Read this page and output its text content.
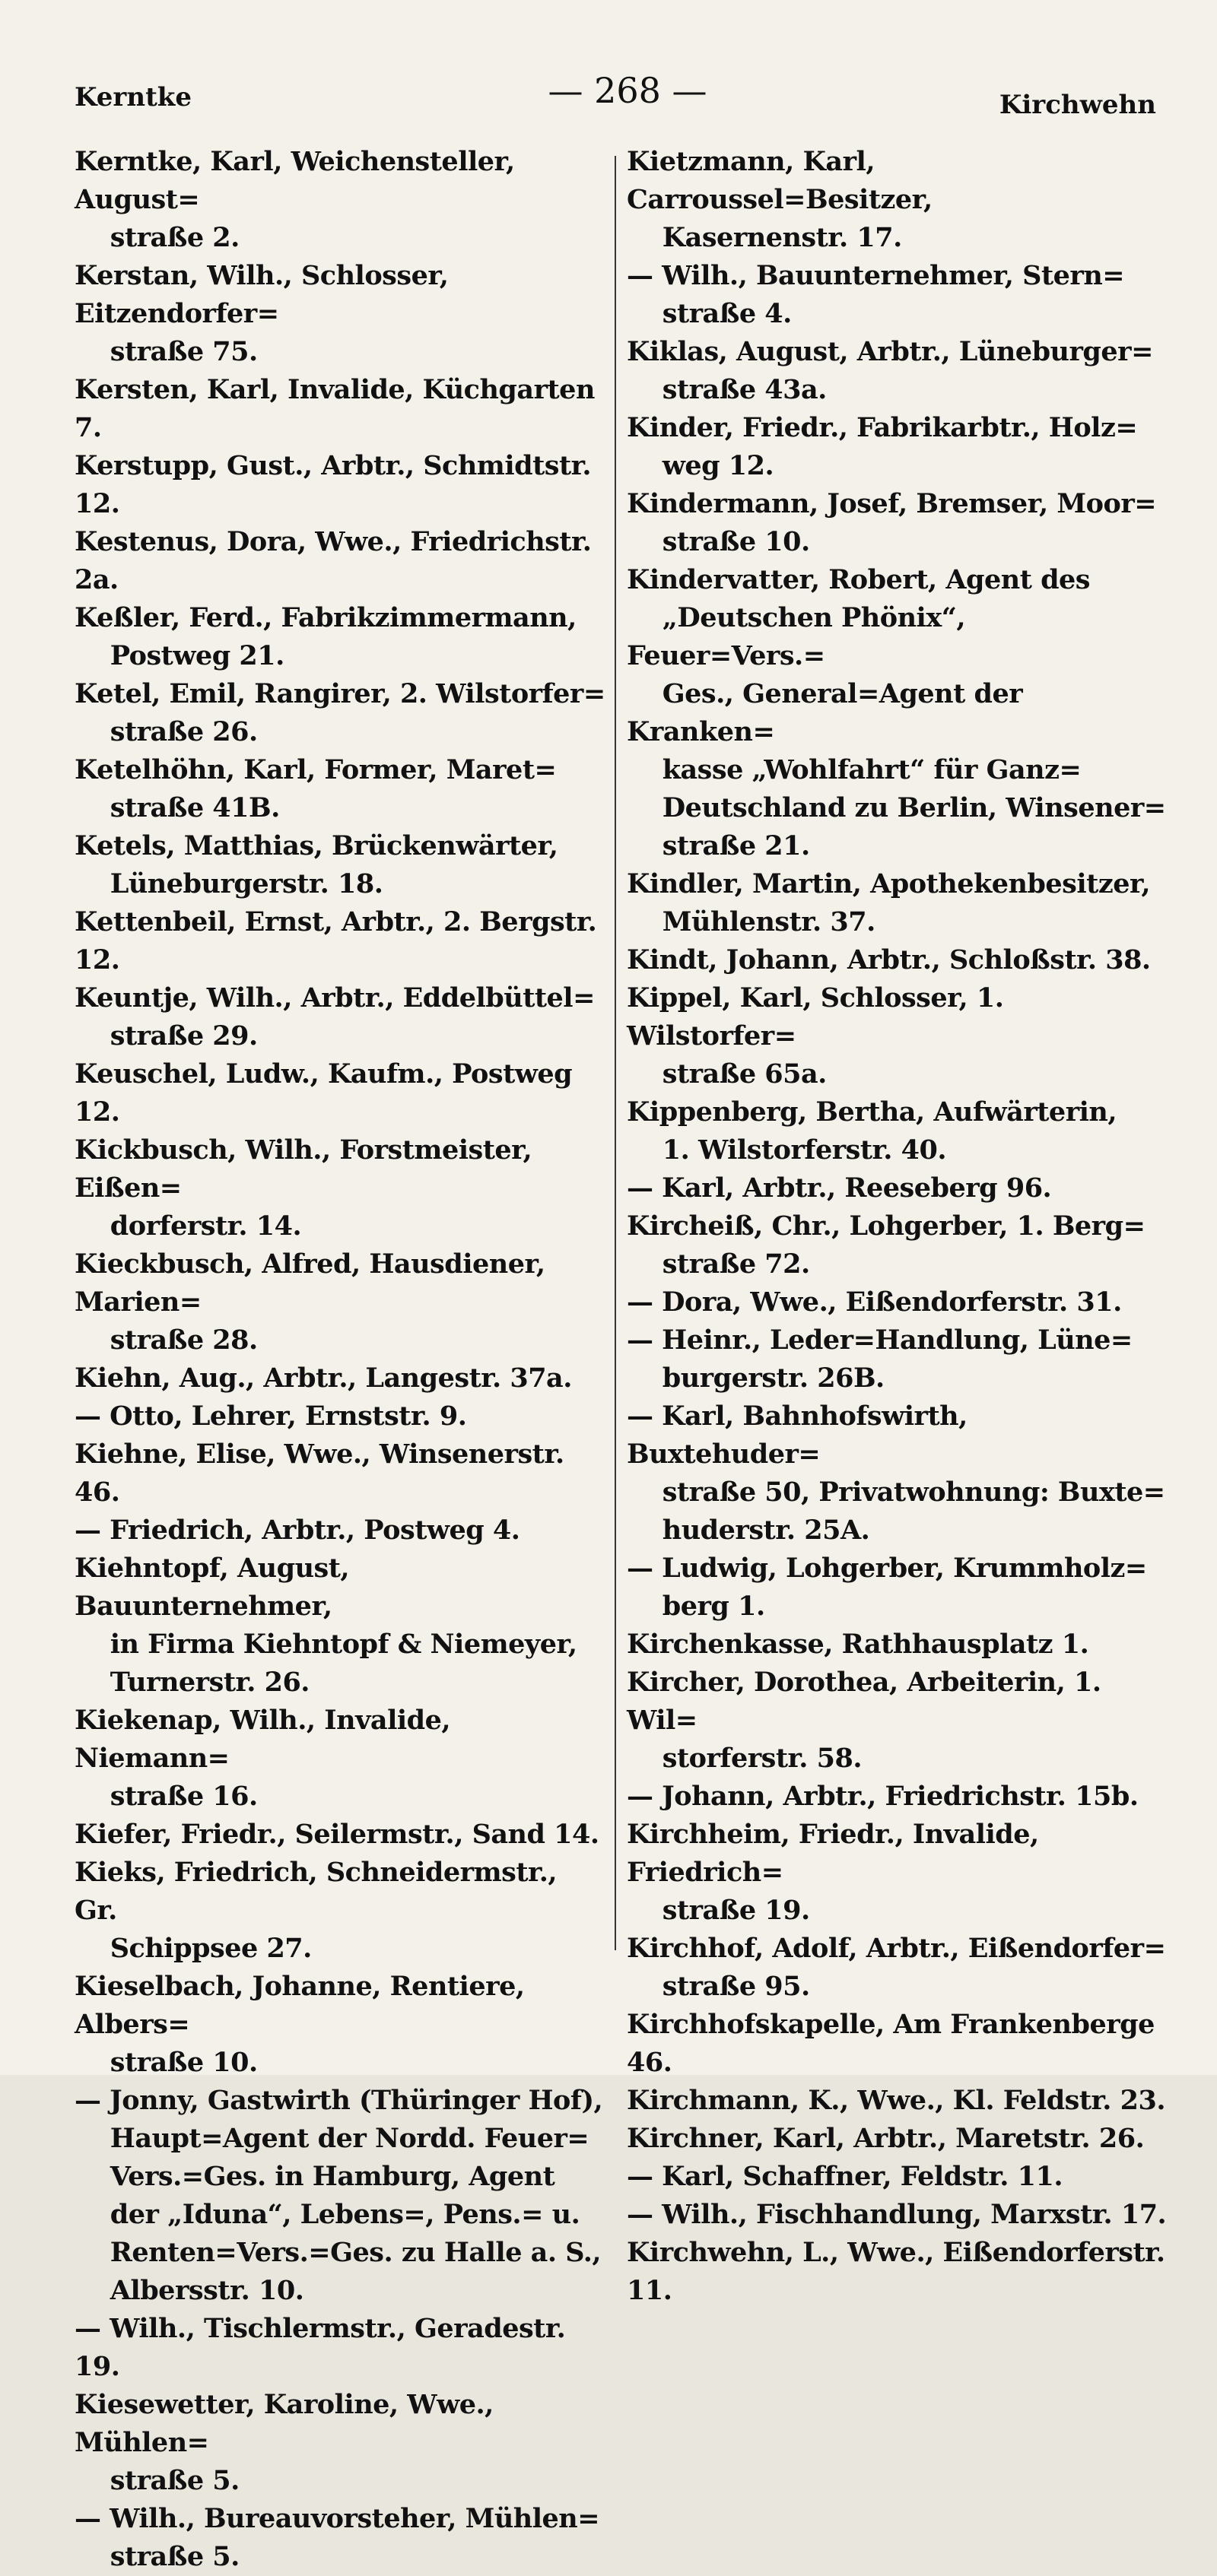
Kerntke	— 268 —	Kirchwehn

Kerntke, Karl, Weichensteller, August=

straße 2.

Kerstan, Wilh., Schlosser, Eitzendorfer=

straße 75.

Kersten, Karl, Invalide, Küchgarten 7.

Kerstupp, Gust., Arbtr., Schmidtstr. 12.

Kestenus, Dora, Wwe., Friedrichstr. 2a.

Keßler, Ferd., Fabrikzimmermann,

Postweg 21.

Ketel, Emil, Rangirer, 2. Wilstorfer=

straße 26.

Ketelhöhn, Karl, Former, Maret=

straße 41B.

Ketels, Matthias, Brückenwärter,

Lüneburgerstr. 18.

Kettenbeil, Ernst, Arbtr., 2. Bergstr. 12.

Keuntje, Wilh., Arbtr., Eddelbüttel=

straße 29.

Keuschel, Ludw., Kaufm., Postweg 12.

Kickbusch, Wilh., Forstmeister, Eißen=

dorferstr. 14.

Kieckbusch, Alfred, Hausdiener, Marien=

straße 28.

Kiehn, Aug., Arbtr., Langestr. 37a.

— Otto, Lehrer, Ernststr. 9.

Kiehne, Elise, Wwe., Winsenerstr. 46.

— Friedrich, Arbtr., Postweg 4.

Kiehntopf, August, Bauunternehmer,

in Firma Kiehntopf & Niemeyer,

Turnerstr. 26.

Kiekenap, Wilh., Invalide, Niemann=

straße 16.

Kiefer, Friedr., Seilermstr., Sand 14.

Kieks, Friedrich, Schneidermstr., Gr.

Schippsee 27.

Kieselbach, Johanne, Rentiere, Albers=

straße 10.

— Jonny, Gastwirth (Thüringer Hof),

Haupt=Agent der Nordd. Feuer=

Vers.=Ges. in Hamburg, Agent

der „Iduna“, Lebens=, Pens.= u.

Renten=Vers.=Ges. zu Halle a. S.,

Albersstr. 10.

— Wilh., Tischlermstr., Geradestr. 19.

Kiesewetter, Karoline, Wwe., Mühlen=

straße 5.

— Wilh., Bureauvorsteher, Mühlen=

straße 5.

Kietzmann, Karl, Carroussel=Besitzer,

Kasernenstr. 17.

— Wilh., Bauunternehmer, Stern=

straße 4.

Kiklas, August, Arbtr., Lüneburger=

straße 43a.

Kinder, Friedr., Fabrikarbtr., Holz=

weg 12.

Kindermann, Josef, Bremser, Moor=

straße 10.

Kindervatter, Robert, Agent des

„Deutschen Phönix“, Feuer=Vers.=

Ges., General=Agent der Kranken=

kasse „Wohlfahrt“ für Ganz=

Deutschland zu Berlin, Winsener=

straße 21.

Kindler, Martin, Apothekenbesitzer,

Mühlenstr. 37.

Kindt, Johann, Arbtr., Schloßstr. 38.

Kippel, Karl, Schlosser, 1. Wilstorfer=

straße 65a.

Kippenberg, Bertha, Aufwärterin,

1. Wilstorferstr. 40.

— Karl, Arbtr., Reeseberg 96.

Kircheiß, Chr., Lohgerber, 1. Berg=

straße 72.

— Dora, Wwe., Eißendorferstr. 31.

— Heinr., Leder=Handlung, Lüne=

burgerstr. 26B.

— Karl, Bahnhofswirth, Buxtehuder=

straße 50, Privatwohnung: Buxte=

huderstr. 25A.

— Ludwig, Lohgerber, Krummholz=

berg 1.

Kirchenkasse, Rathhausplatz 1.

Kircher, Dorothea, Arbeiterin, 1. Wil=

storferstr. 58.

— Johann, Arbtr., Friedrichstr. 15b.

Kirchheim, Friedr., Invalide, Friedrich=

straße 19.

Kirchhof, Adolf, Arbtr., Eißendorfer=

straße 95.

Kirchhofskapelle, Am Frankenberge 46.

Kirchmann, K., Wwe., Kl. Feldstr. 23.

Kirchner, Karl, Arbtr., Maretstr. 26.

— Karl, Schaffner, Feldstr. 11.

— Wilh., Fischhandlung, Marxstr. 17.

Kirchwehn, L., Wwe., Eißendorferstr. 11.
